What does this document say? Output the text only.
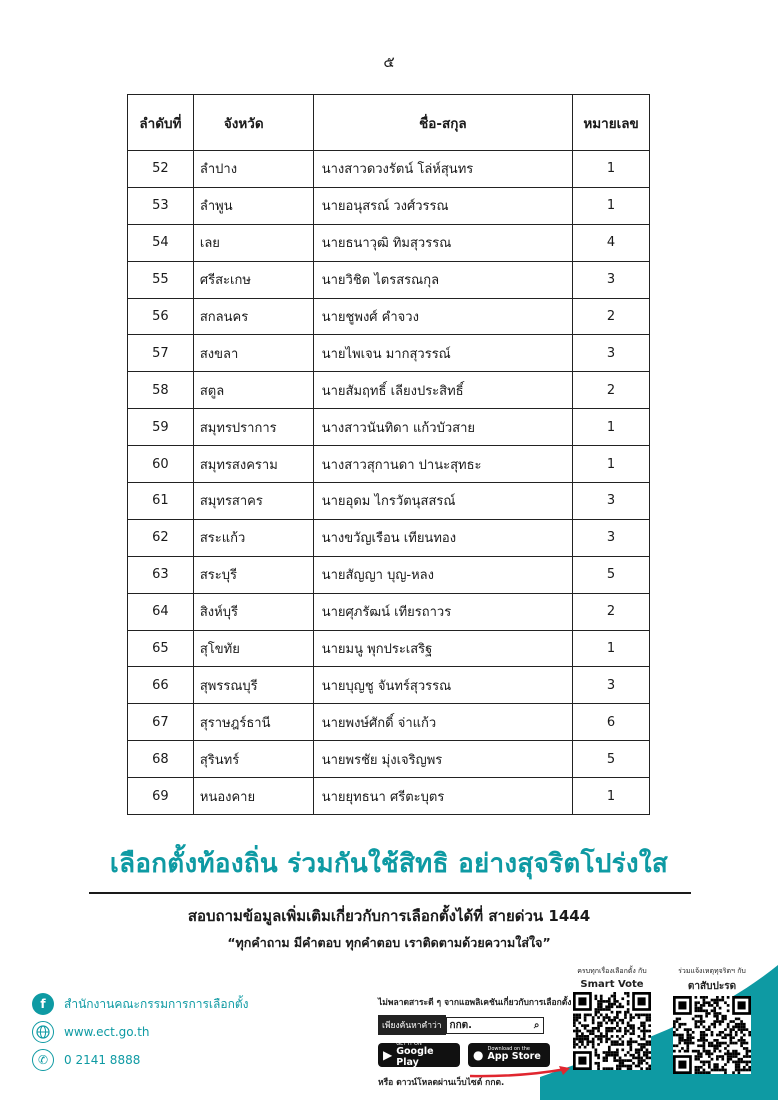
๕
ลำดับที่	จังหวัด	ชื่อ-สกุล	หมายเลข
52	ลำปาง	นางสาวดวงรัตน์ โล่ห์สุนทร	1
53	ลำพูน	นายอนุสรณ์ วงศ์วรรณ	1
54	เลย	นายธนาวุฒิ ทิมสุวรรณ	4
55	ศรีสะเกษ	นายวิชิต ไตรสรณกุล	3
56	สกลนคร	นายชูพงศ์ คำจวง	2
57	สงขลา	นายไพเจน มากสุวรรณ์	3
58	สตูล	นายสัมฤทธิ์ เลียงประสิทธิ์	2
59	สมุทรปราการ	นางสาวนันทิดา แก้วบัวสาย	1
60	สมุทรสงคราม	นางสาวสุกานดา ปานะสุทธะ	1
61	สมุทรสาคร	นายอุดม ไกรวัตนุสสรณ์	3
62	สระแก้ว	นางขวัญเรือน เทียนทอง	3
63	สระบุรี	นายสัญญา บุญ-หลง	5
64	สิงห์บุรี	นายศุภรัฒน์ เทียรถาวร	2
65	สุโขทัย	นายมนู พุกประเสริฐ	1
66	สุพรรณบุรี	นายบุญชู จันทร์สุวรรณ	3
67	สุราษฎร์ธานี	นายพงษ์ศักดิ์ จ่าแก้ว	6
68	สุรินทร์	นายพรชัย มุ่งเจริญพร	5
69	หนองคาย	นายยุทธนา ศรีตะบุตร	1
เลือกตั้งท้องถิ่น ร่วมกันใช้สิทธิ อย่างสุจริตโปร่งใส
สอบถามข้อมูลเพิ่มเติมเกี่ยวกับการเลือกตั้งได้ที่ สายด่วน 1444
“ทุกคำถาม มีคำตอบ ทุกคำตอบ เราติดตามด้วยความใส่ใจ”
f	สำนักงานคณะกรรมการการเลือกตั้ง
www.ect.go.th
✆	0 2141 8888
ไม่พลาดสาระดี ๆ จากแอพลิเคชันเกี่ยวกับการเลือกตั้ง
เพียงค้นหาคำว่า กกต.	⌕
▶
GET IT ON
Google Play	● Download on the
App Store
หรือ ดาวน์โหลดผ่านเว็บไซต์ กกต.
ครบทุกเรื่องเลือกตั้ง กับ
Smart Vote
ร่วมแจ้งเหตุทุจริตฯ กับ
ตาสับปะรด
